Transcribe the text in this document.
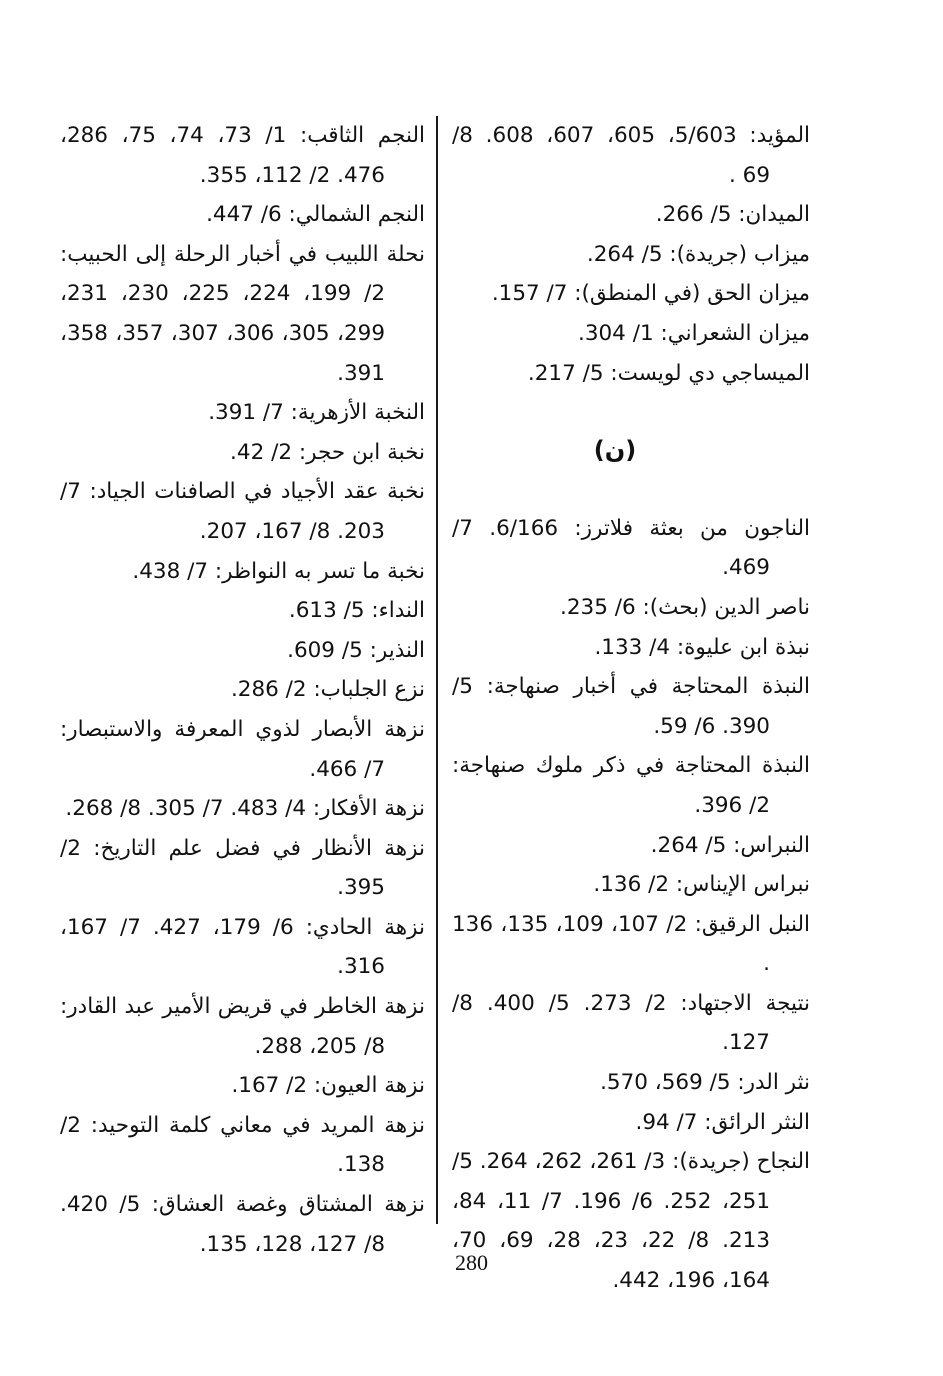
المؤيد: 5/603، 605، 607، 608. 8/ 69 .

الميدان: 5/ 266.

ميزاب (جريدة): 5/ 264.

ميزان الحق (في المنطق): 7/ 157.

ميزان الشعراني: 1/ 304.

الميساجي دي لويست: 5/ 217.

(ن)

الناجون من بعثة فلاترز: 6/166. 7/ 469.

ناصر الدين (بحث): 6/ 235.

نبذة ابن عليوة: 4/ 133.

النبذة المحتاجة في أخبار صنهاجة: 5/ 390. 6/ 59.

النبذة المحتاجة في ذكر ملوك صنهاجة: 2/ 396.

النبراس: 5/ 264.

نبراس الإيناس: 2/ 136.

النبل الرقيق: 2/ 107، 109، 135، 136 .

نتيجة الاجتهاد: 2/ 273. 5/ 400. 8/ 127.

نثر الدر: 5/ 569، 570.

النثر الرائق: 7/ 94.

النجاح (جريدة): 3/ 261، 262، 264. 5/ 251، 252. 6/ 196. 7/ 11، 84، 213. 8/ 22، 23، 28، 69، 70، 164، 196، 442.

النجم الثاقب: 1/ 73، 74، 75، 286، 476. 2/ 112، 355.

النجم الشمالي: 6/ 447.

نحلة اللبيب في أخبار الرحلة إلى الحبيب: 2/ 199، 224، 225، 230، 231، 299، 305، 306، 307، 357، 358، 391.

النخبة الأزهرية: 7/ 391.

نخبة ابن حجر: 2/ 42.

نخبة عقد الأجياد في الصافنات الجياد: 7/ 203. 8/ 167، 207.

نخبة ما تسر به النواظر: 7/ 438.

النداء: 5/ 613.

النذير: 5/ 609.

نزع الجلباب: 2/ 286.

نزهة الأبصار لذوي المعرفة والاستبصار: 7/ 466.

نزهة الأفكار: 4/ 483. 7/ 305. 8/ 268.

نزهة الأنظار في فضل علم التاريخ: 2/ 395.

نزهة الحادي: 6/ 179، 427. 7/ 167، 316.

نزهة الخاطر في قريض الأمير عبد القادر: 8/ 205، 288.

نزهة العيون: 2/ 167.

نزهة المريد في معاني كلمة التوحيد: 2/ 138.

نزهة المشتاق وغصة العشاق: 5/ 420. 8/ 127، 128، 135.

280
